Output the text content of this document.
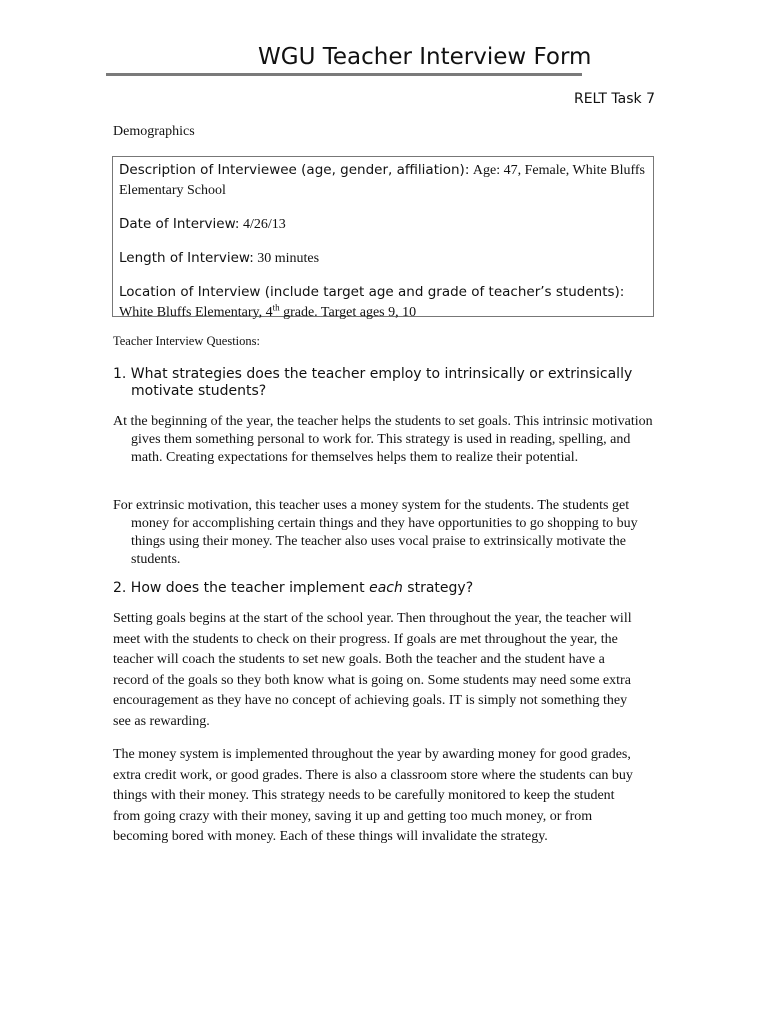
WGU Teacher Interview Form
RELT Task 7
Demographics

Description of Interviewee (age, gender, affiliation): Age: 47, Female, White Bluffs Elementary School

Date of Interview: 4/26/13

Length of Interview: 30 minutes

Location of Interview (include target age and grade of teacher’s students):
White Bluffs Elementary, 4th grade. Target ages 9, 10

Teacher Interview Questions:
1. What strategies does the teacher employ to intrinsically or extrinsically motivate students?
At the beginning of the year, the teacher helps the students to set goals. This intrinsic motivation gives them something personal to work for. This strategy is used in reading, spelling, and math. Creating expectations for themselves helps them to realize their potential.
For extrinsic motivation, this teacher uses a money system for the students. The students get money for accomplishing certain things and they have opportunities to go shopping to buy things using their money. The teacher also uses vocal praise to extrinsically motivate the students.
2. How does the teacher implement each strategy?
Setting goals begins at the start of the school year. Then throughout the year, the teacher will meet with the students to check on their progress. If goals are met throughout the year, the teacher will coach the students to set new goals. Both the teacher and the student have a record of the goals so they both know what is going on. Some students may need some extra encouragement as they have no concept of achieving goals. IT is simply not something they see as rewarding.
The money system is implemented throughout the year by awarding money for good grades, extra credit work, or good grades. There is also a classroom store where the students can buy things with their money. This strategy needs to be carefully monitored to keep the student from going crazy with their money, saving it up and getting too much money, or from becoming bored with money. Each of these things will invalidate the strategy.
